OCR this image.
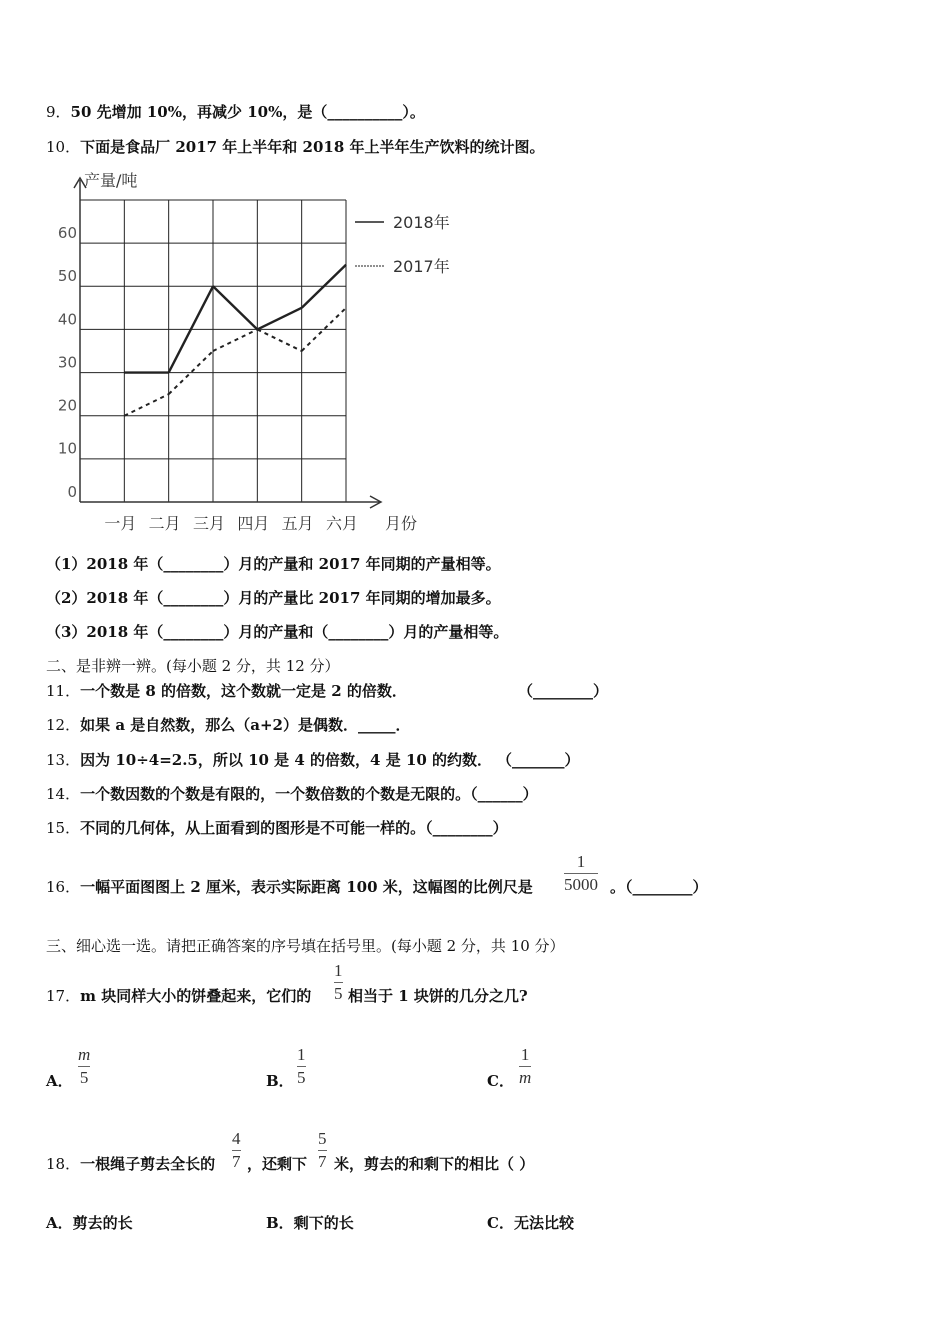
9．50 先增加 10%，再减少 10%，是（__________）。
10．下面是食品厂 2017 年上半年和 2018 年上半年生产饮料的统计图。
产量/吨
60
50
40
30
20
10
0
一月 二月 三月 四月 五月 六月 月份
2018年
2017年
（1）2018 年（________）月的产量和 2017 年同期的产量相等。
（2）2018 年（________）月的产量比 2017 年同期的增加最多。
（3）2018 年（________）月的产量和（________）月的产量相等。
二、是非辨一辨。(每小题 2 分，共 12 分）
11．一个数是 8 的倍数，这个数就一定是 2 的倍数．	（________）
12．如果 a 是自然数，那么（a+2）是偶数．_____．
13．因为 10÷4=2.5，所以 10 是 4 的倍数，4 是 10 的约数． （_______）
14．一个数因数的个数是有限的，一个数倍数的个数是无限的。（______）
15．不同的几何体，从上面看到的图形是不可能一样的。（________）
16．一幅平面图图上 2 厘米，表示实际距离 100 米，这幅图的比例尺是
1
5000 。（________）
三、细心选一选。请把正确答案的序号填在括号里。(每小题 2 分，共 10 分）
17．m 块同样大小的饼叠起来，它们的
1
5 相当于 1 块饼的几分之几?
A．
m
5	B．
1
5	C．
1
m
18．一根绳子剪去全长的
4
7 ，还剩下
5
7 米，剪去的和剩下的相比（ ）
A．剪去的长	B．剩下的长	C．无法比较
